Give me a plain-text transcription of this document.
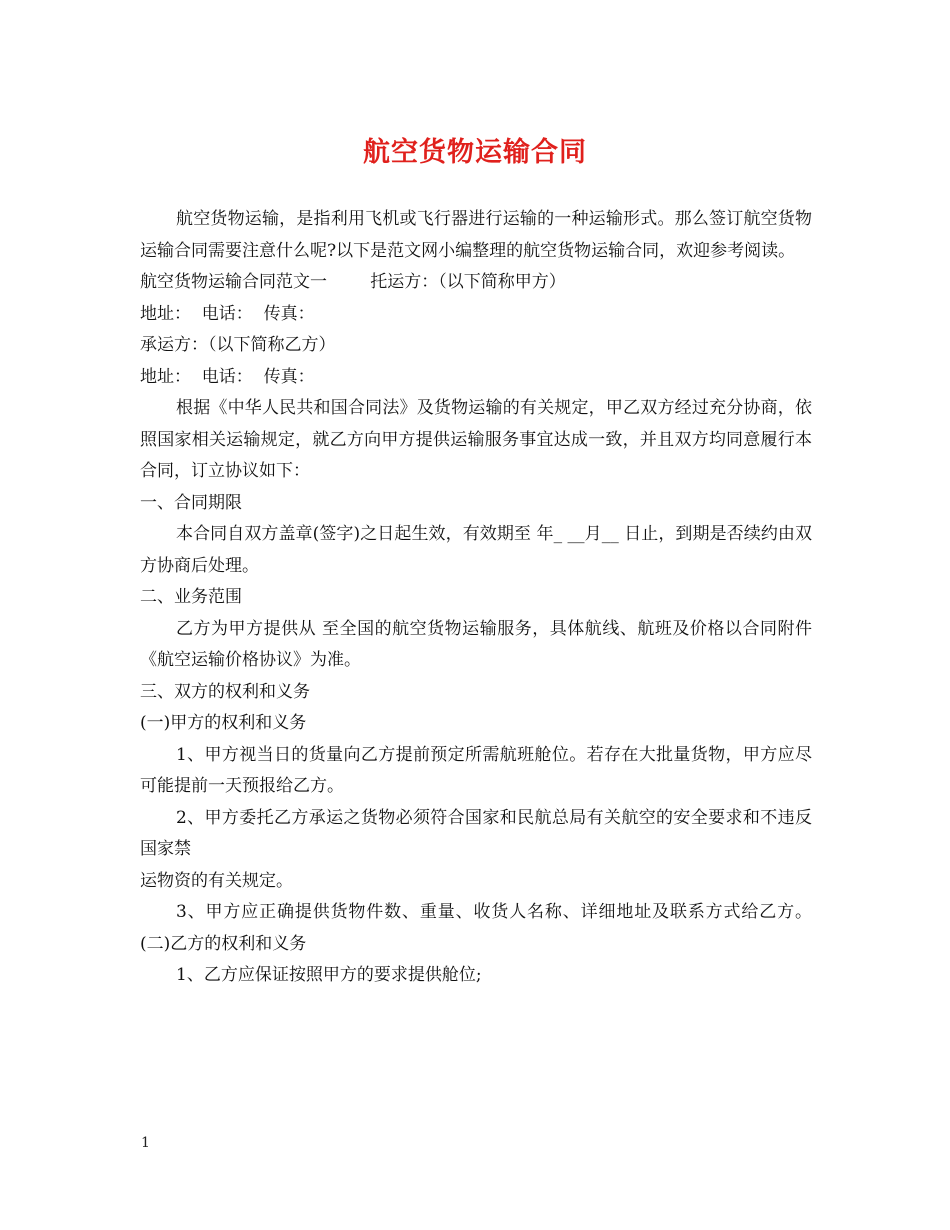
航空货物运输合同

航空货物运输，是指利用飞机或飞行器进行运输的一种运输形式。那么签订航空货物运输合同需要注意什么呢?以下是范文网小编整理的航空货物运输合同，欢迎参考阅读。

航空货物运输合同范文一        托运方：（以下简称甲方）

地址：  电话：  传真：

承运方：（以下简称乙方）

地址：  电话：  传真：

根据《中华人民共和国合同法》及货物运输的有关规定，甲乙双方经过充分协商，依照国家相关运输规定，就乙方向甲方提供运输服务事宜达成一致，并且双方均同意履行本合同，订立协议如下：

一、合同期限

本合同自双方盖章(签字)之日起生效，有效期至 年_ __月__ 日止，到期是否续约由双方协商后处理。

二、业务范围

乙方为甲方提供从 至全国的航空货物运输服务，具体航线、航班及价格以合同附件《航空运输价格协议》为准。

三、双方的权利和义务

(一)甲方的权利和义务

1、甲方视当日的货量向乙方提前预定所需航班舱位。若存在大批量货物，甲方应尽可能提前一天预报给乙方。

2、甲方委托乙方承运之货物必须符合国家和民航总局有关航空的安全要求和不违反国家禁

运物资的有关规定。

3、甲方应正确提供货物件数、重量、收货人名称、详细地址及联系方式给乙方。 (二)乙方的权利和义务

1、乙方应保证按照甲方的要求提供舱位;

1
